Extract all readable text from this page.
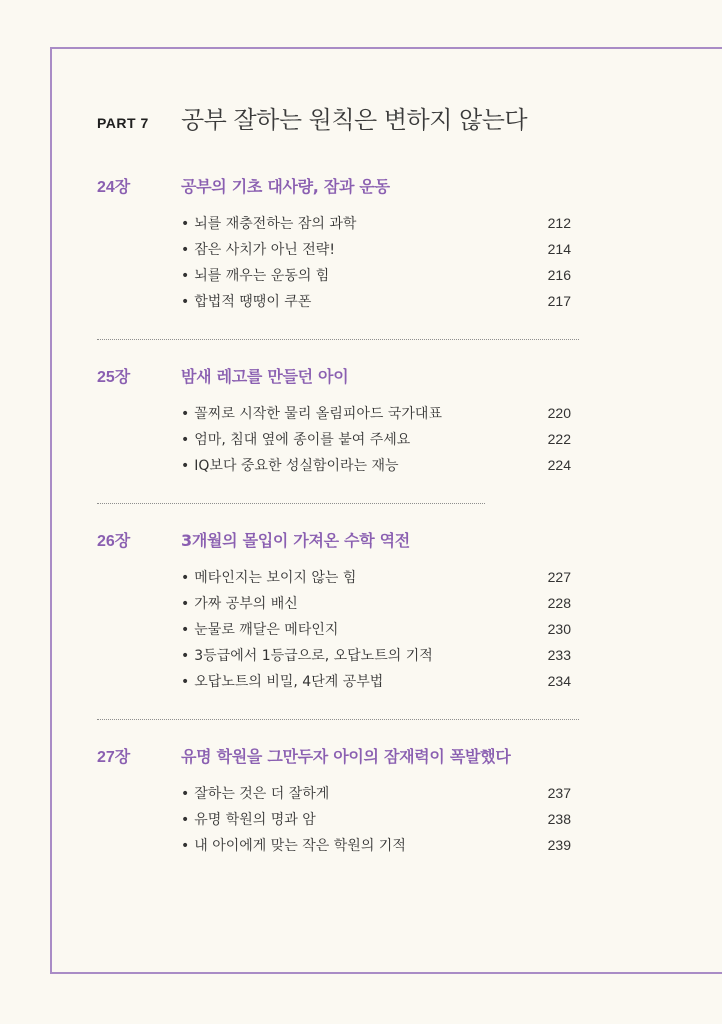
PART 7	공부 잘하는 원칙은 변하지 않는다
24장	공부의 기초 대사량, 잠과 운동
• 뇌를 재충전하는 잠의 과학	212
• 잠은 사치가 아닌 전략!	214
• 뇌를 깨우는 운동의 힘	216
• 합법적 땡땡이 쿠폰	217
25장	밤새 레고를 만들던 아이
• 꼴찌로 시작한 물리 올림피아드 국가대표	220
• 엄마, 침대 옆에 종이를 붙여 주세요	222
• IQ보다 중요한 성실함이라는 재능	224
26장	3개월의 몰입이 가져온 수학 역전
• 메타인지는 보이지 않는 힘	227
• 가짜 공부의 배신	228
• 눈물로 깨달은 메타인지	230
• 3등급에서 1등급으로, 오답노트의 기적	233
• 오답노트의 비밀, 4단계 공부법	234
27장	유명 학원을 그만두자 아이의 잠재력이 폭발했다
• 잘하는 것은 더 잘하게	237
• 유명 학원의 명과 암	238
• 내 아이에게 맞는 작은 학원의 기적	239
